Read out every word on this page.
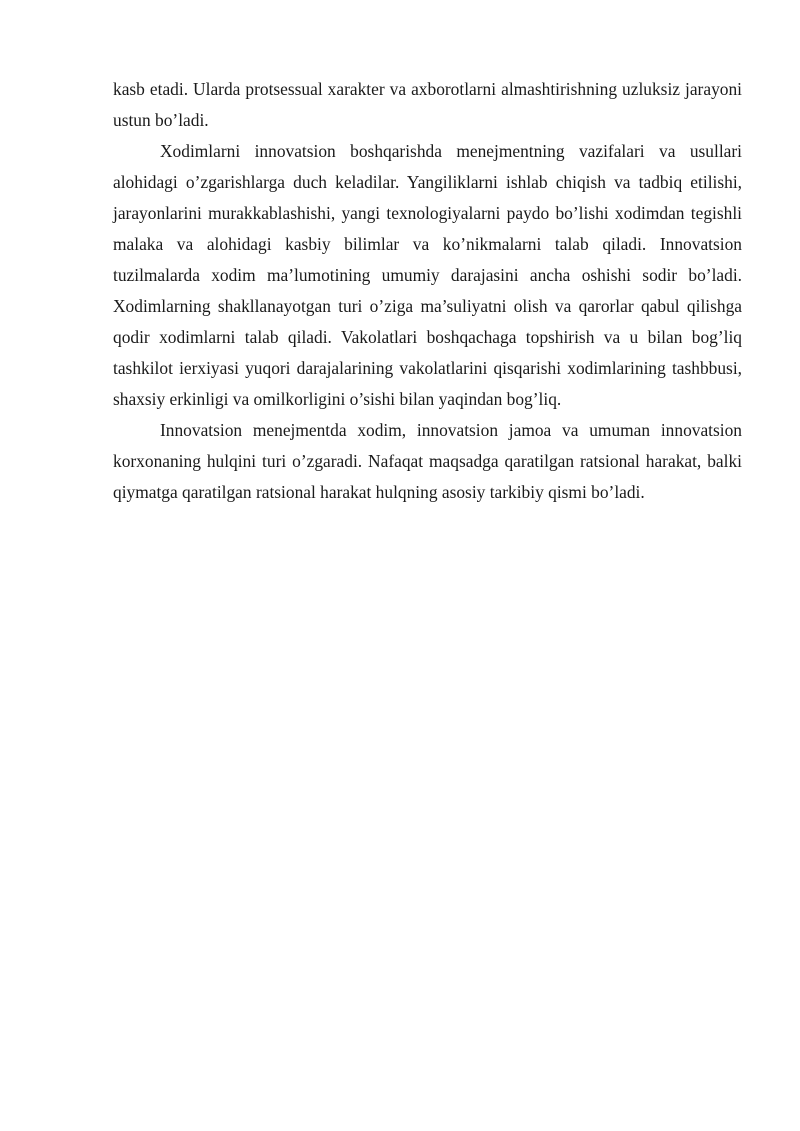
kasb etadi. Ularda protsessual xarakter va axborotlarni almashtirishning uzluksiz jarayoni ustun bo’ladi.

Xodimlarni innovatsion boshqarishda menejmentning vazifalari va usullari alohidagi o’zgarishlarga duch keladilar. Yangiliklarni ishlab chiqish va tadbiq etilishi, jarayonlarini murakkablashishi, yangi texnologiyalarni paydo bo’lishi xodimdan tegishli malaka va alohidagi kasbiy bilimlar va ko’nikmalarni talab qiladi. Innovatsion tuzilmalarda xodim ma’lumotining umumiy darajasini ancha oshishi sodir bo’ladi. Xodimlarning shakllanayotgan turi o’ziga ma’suliyatni olish va qarorlar qabul qilishga qodir xodimlarni talab qiladi. Vakolatlari boshqachaga topshirish va u bilan bog’liq tashkilot ierxiyasi yuqori darajalarining vakolatlarini qisqarishi xodimlarining tashbbusi, shaxsiy erkinligi va omilkorligini o’sishi bilan yaqindan bog’liq.

Innovatsion menejmentda xodim, innovatsion jamoa va umuman innovatsion korxonaning hulqini turi o’zgaradi. Nafaqat maqsadga qaratilgan ratsional harakat, balki qiymatga qaratilgan ratsional harakat hulqning asosiy tarkibiy qismi bo’ladi.
